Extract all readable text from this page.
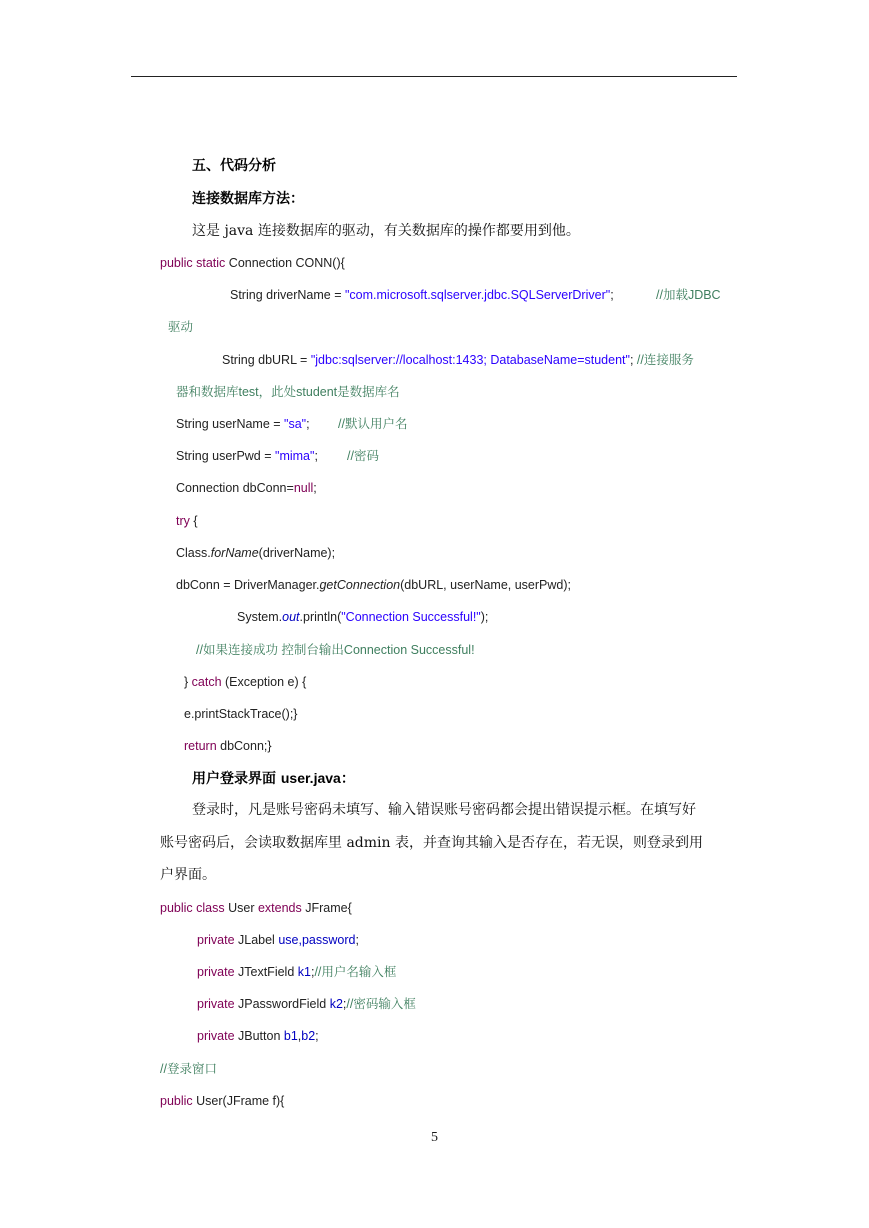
五、代码分析
连接数据库方法：
这是 java 连接数据库的驱动，有关数据库的操作都要用到他。
public static Connection CONN(){
String driverName = "com.microsoft.sqlserver.jdbc.SQLServerDriver";	//加载JDBC
驱动
String dbURL = "jdbc:sqlserver://localhost:1433; DatabaseName=student"; //连接服务
器和数据库test，此处student是数据库名
String userName = "sa"; //默认用户名
String userPwd = "mima"; //密码
Connection dbConn=null;
try {
Class.forName(driverName);
dbConn = DriverManager.getConnection(dbURL, userName, userPwd);
System.out.println("Connection Successful!");
//如果连接成功 控制台输出Connection Successful!
} catch (Exception e) {
e.printStackTrace();}
return dbConn;}
用户登录界面 user.java：
登录时，凡是账号密码未填写、输入错误账号密码都会提出错误提示框。在填写好
账号密码后，会读取数据库里 admin 表，并查询其输入是否存在，若无误，则登录到用
户界面。
public class User extends JFrame{
private JLabel use,password;
private JTextField k1;//用户名输入框
private JPasswordField k2;//密码输入框
private JButton b1,b2;
//登录窗口
public User(JFrame f){
5
